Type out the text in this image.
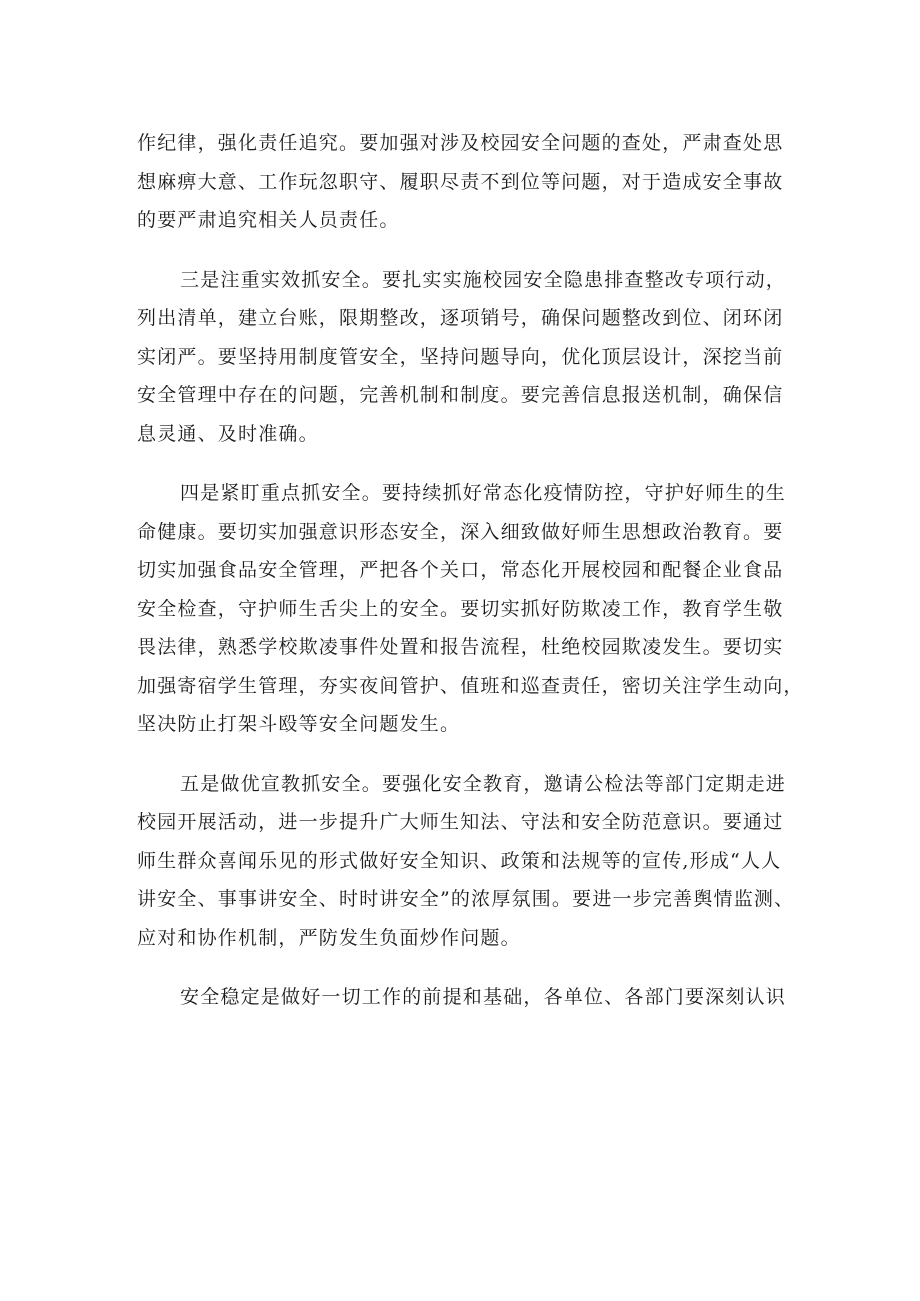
作纪律，强化责任追究。要加强对涉及校园安全问题的查处，严肃查处思
想麻痹大意、工作玩忽职守、履职尽责不到位等问题，对于造成安全事故
的要严肃追究相关人员责任。
三是注重实效抓安全。要扎实实施校园安全隐患排查整改专项行动，
列出清单，建立台账，限期整改，逐项销号，确保问题整改到位、闭环闭
实闭严。要坚持用制度管安全，坚持问题导向，优化顶层设计，深挖当前
安全管理中存在的问题，完善机制和制度。要完善信息报送机制，确保信
息灵通、及时准确。
四是紧盯重点抓安全。要持续抓好常态化疫情防控，守护好师生的生
命健康。要切实加强意识形态安全，深入细致做好师生思想政治教育。要
切实加强食品安全管理，严把各个关口，常态化开展校园和配餐企业食品
安全检查，守护师生舌尖上的安全。要切实抓好防欺凌工作，教育学生敬
畏法律，熟悉学校欺凌事件处置和报告流程，杜绝校园欺凌发生。要切实
加强寄宿学生管理，夯实夜间管护、值班和巡查责任，密切关注学生动向，
坚决防止打架斗殴等安全问题发生。
五是做优宣教抓安全。要强化安全教育，邀请公检法等部门定期走进
校园开展活动，进一步提升广大师生知法、守法和安全防范意识。要通过
师生群众喜闻乐见的形式做好安全知识、政策和法规等的宣传,形成“人人
讲安全、事事讲安全、时时讲安全”的浓厚氛围。要进一步完善舆情监测、
应对和协作机制，严防发生负面炒作问题。
安全稳定是做好一切工作的前提和基础，各单位、各部门要深刻认识
